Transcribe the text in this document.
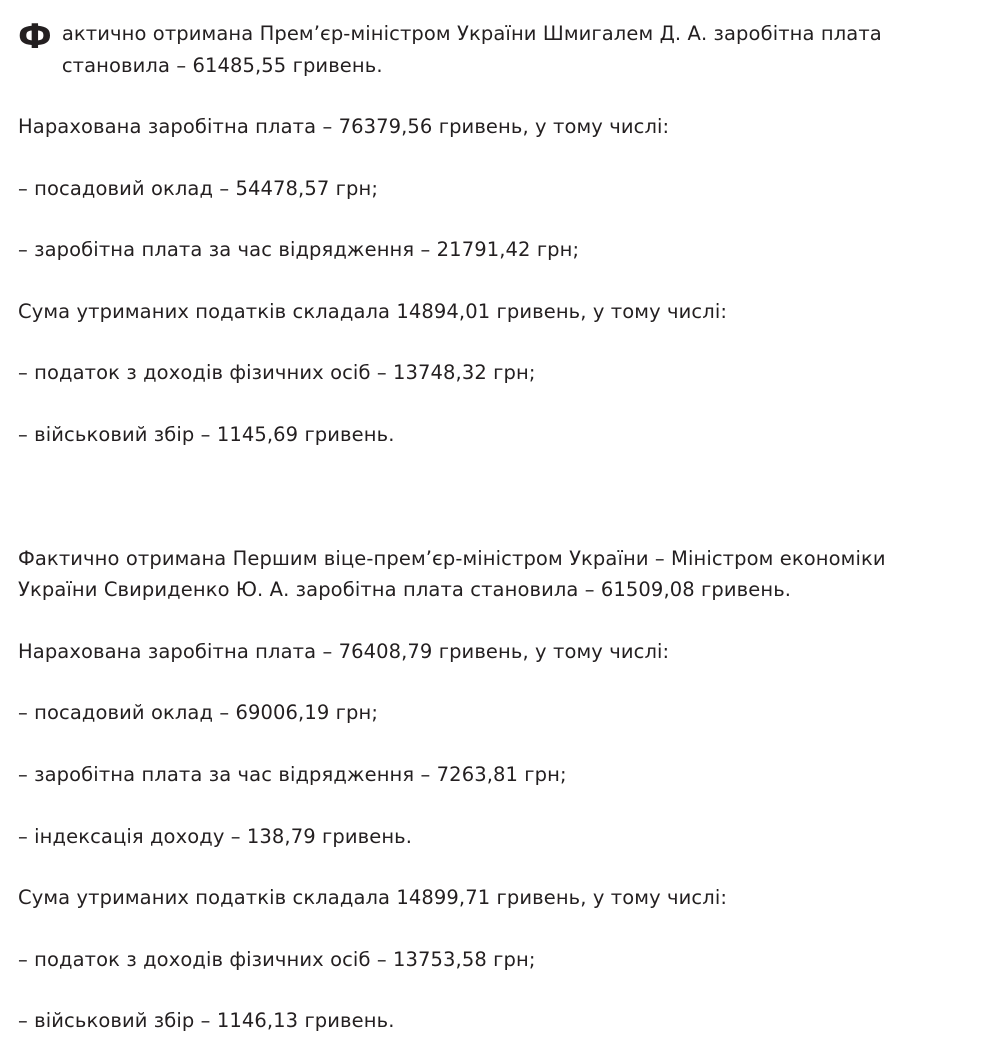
Ф актично отримана Прем’єр-міністром України Шмигалем Д. А. заробітна плата становила – 61485,55 гривень.

Нарахована заробітна плата – 76379,56 гривень, у тому числі:

– посадовий оклад – 54478,57 грн;

– заробітна плата за час відрядження – 21791,42 грн;

Сума утриманих податків складала 14894,01 гривень, у тому числі:

– податок з доходів фізичних осіб – 13748,32 грн;

– військовий збір – 1145,69 гривень.

Фактично отримана Першим віце-прем’єр-міністром України – Міністром економіки України Свириденко Ю. А. заробітна плата становила – 61509,08 гривень.

Нарахована заробітна плата – 76408,79 гривень, у тому числі:

– посадовий оклад – 69006,19 грн;

– заробітна плата за час відрядження – 7263,81 грн;

– індексація доходу – 138,79 гривень.

Сума утриманих податків складала 14899,71 гривень, у тому числі:

– податок з доходів фізичних осіб – 13753,58 грн;

– військовий збір – 1146,13 гривень.
